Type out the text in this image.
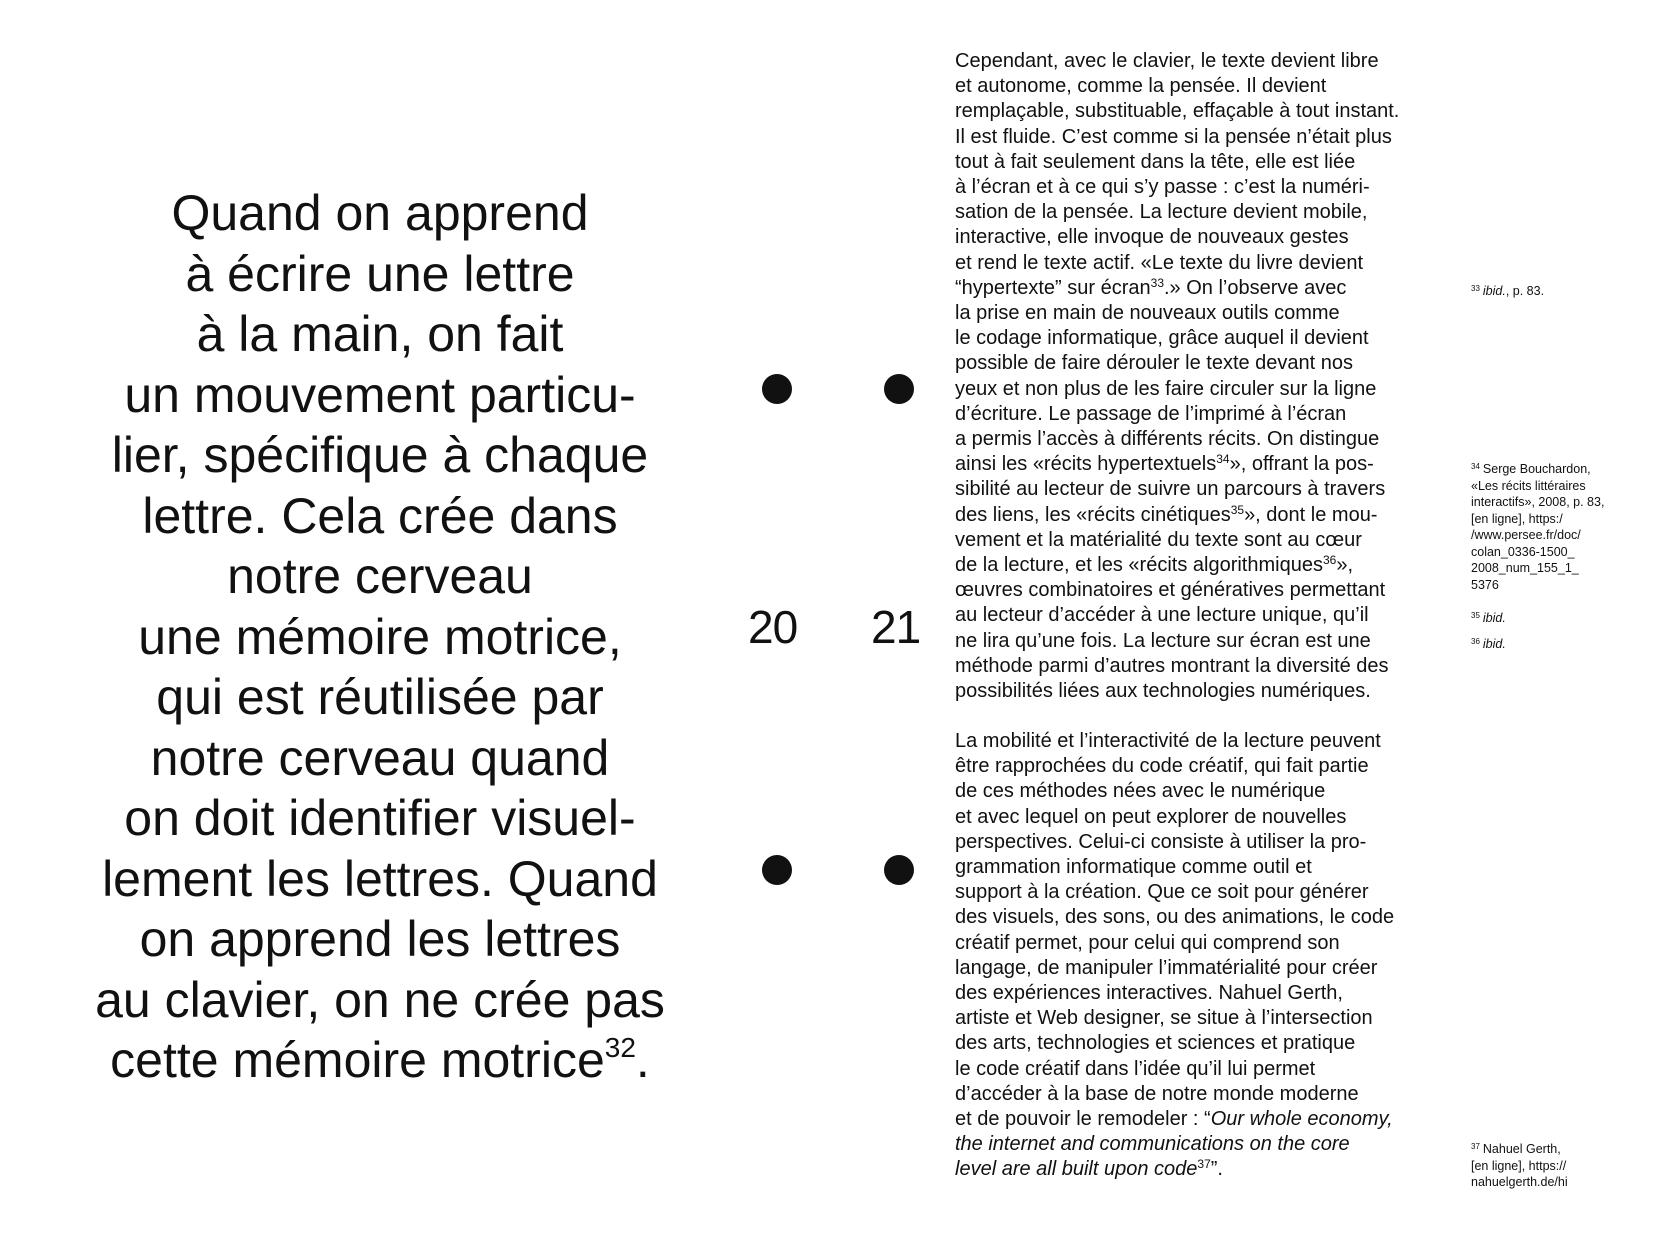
Quand on apprend
à écrire une lettre
à la main, on fait
un mouvement particu-
lier, spécifique à chaque
lettre. Cela crée dans
notre cerveau
une mémoire motrice,
qui est réutilisée par
notre cerveau quand
on doit identifier visuel-
lement les lettres. Quand
on apprend les lettres
au clavier, on ne crée pas
cette mémoire motrice$^{32}$.

20 21
Cependant, avec le clavier, le texte devient libre
et autonome, comme la pensée. Il devient
remplaçable, substituable, effaçable à tout instant.
Il est fluide. C’est comme si la pensée n’était plus
tout à fait seulement dans la tête, elle est liée
à l’écran et à ce qui s’y passe : c’est la numéri-
sation de la pensée. La lecture devient mobile,
interactive, elle invoque de nouveaux gestes
et rend le texte actif. «Le texte du livre devient
“hypertexte” sur écran$^{33}$.» On l’observe avec
la prise en main de nouveaux outils comme
le codage informatique, grâce auquel il devient
possible de faire dérouler le texte devant nos
yeux et non plus de les faire circuler sur la ligne
d’écriture. Le passage de l’imprimé à l’écran
a permis l’accès à différents récits. On distingue
ainsi les «récits hypertextuels$^{34}$», offrant la pos-
sibilité au lecteur de suivre un parcours à travers
des liens, les «récits cinétiques$^{35}$», dont le mou-
vement et la matérialité du texte sont au cœur
de la lecture, et les «récits algorithmiques$^{36}$»,
œuvres combinatoires et génératives permettant
au lecteur d’accéder à une lecture unique, qu’il
ne lira qu’une fois. La lecture sur écran est une
méthode parmi d’autres montrant la diversité des
possibilités liées aux technologies numériques.
La mobilité et l’interactivité de la lecture peuvent
être rapprochées du code créatif, qui fait partie
de ces méthodes nées avec le numérique
et avec lequel on peut explorer de nouvelles
perspectives. Celui-ci consiste à utiliser la pro-
grammation informatique comme outil et
support à la création. Que ce soit pour générer
des visuels, des sons, ou des animations, le code
créatif permet, pour celui qui comprend son
langage, de manipuler l’immatérialité pour créer
des expériences interactives. Nahuel Gerth,
artiste et Web designer, se situe à l’intersection
des arts, technologies et sciences et pratique
le code créatif dans l’idée qu’il lui permet
d’accéder à la base de notre monde moderne
et de pouvoir le remodeler : “Our whole economy,
the internet and communications on the core
level are all built upon code$^{37}$”.
$^{33}$ ibid., p. 83.
$^{34}$ Serge Bouchardon,
«Les récits littéraires
interactifs», 2008, p. 83,
[en ligne], https:/
/www.persee.fr/doc/
colan_0336-1500_
2008_num_155_1_
5376
$^{35}$ ibid.
$^{36}$ ibid.
$^{37}$ Nahuel Gerth,
[en ligne], https://
nahuelgerth.de/hi
